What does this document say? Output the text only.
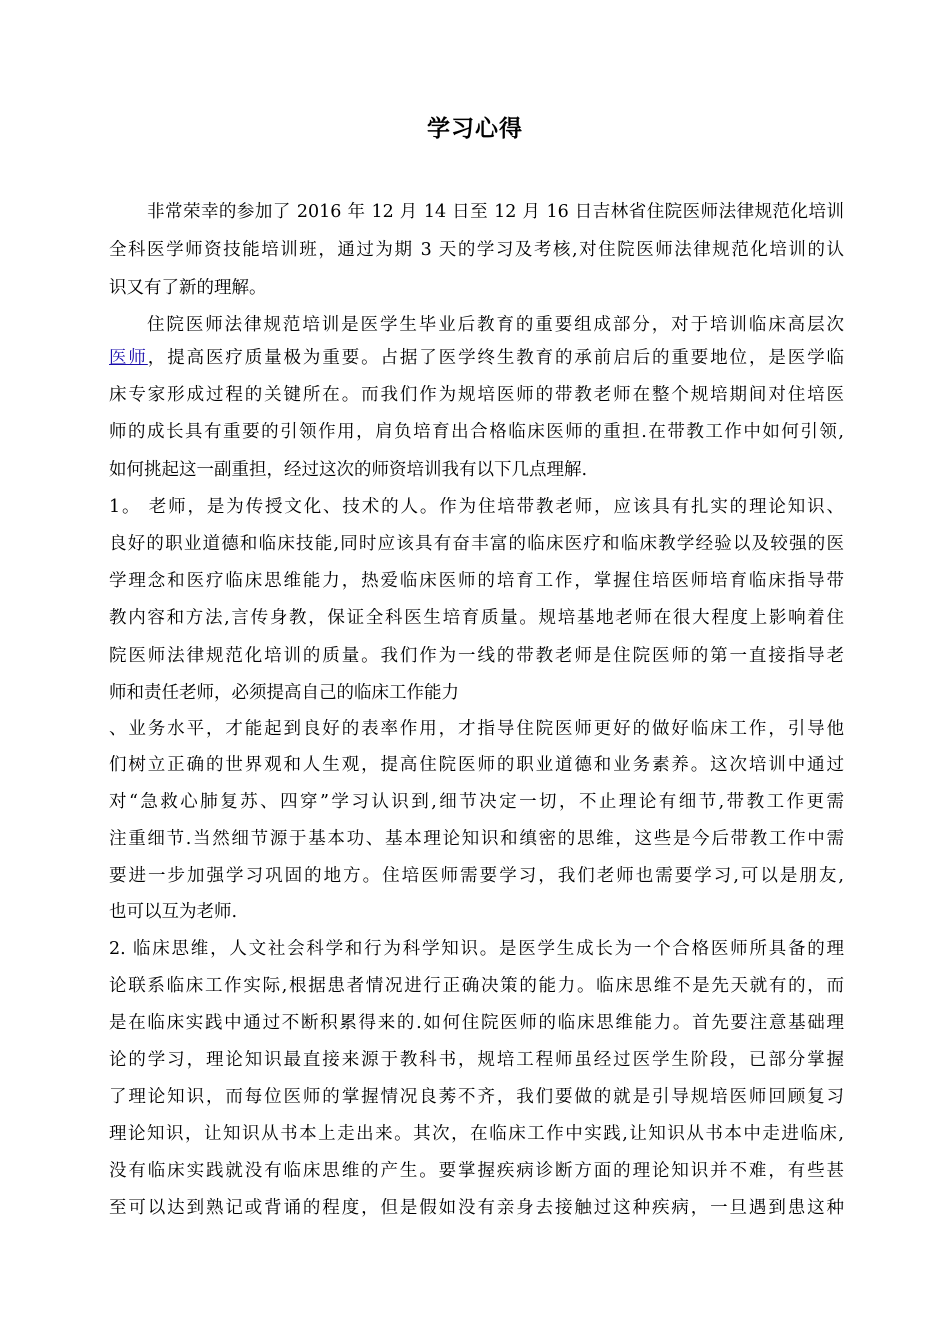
学习心得
非常荣幸的参加了 2016 年 12 月 14 日至 12 月 16 日吉林省住院医师法律规范化培训
全科医学师资技能培训班，通过为期 3 天的学习及考核,对住院医师法律规范化培训的认
识又有了新的理解。
住院医师法律规范培训是医学生毕业后教育的重要组成部分，对于培训临床高层次
医师，提高医疗质量极为重要。占据了医学终生教育的承前启后的重要地位，是医学临
床专家形成过程的关键所在。而我们作为规培医师的带教老师在整个规培期间对住培医
师的成长具有重要的引领作用，肩负培育出合格临床医师的重担.在带教工作中如何引领,
如何挑起这一副重担，经过这次的师资培训我有以下几点理解.
1。 老师，是为传授文化、技术的人。作为住培带教老师，应该具有扎实的理论知识、
良好的职业道德和临床技能,同时应该具有奋丰富的临床医疗和临床教学经验以及较强的医
学理念和医疗临床思维能力，热爱临床医师的培育工作，掌握住培医师培育临床指导带
教内容和方法,言传身教，保证全科医生培育质量。规培基地老师在很大程度上影响着住
院医师法律规范化培训的质量。我们作为一线的带教老师是住院医师的第一直接指导老
师和责任老师，必须提高自己的临床工作能力
、业务水平，才能起到良好的表率作用，才指导住院医师更好的做好临床工作，引导他
们树立正确的世界观和人生观，提高住院医师的职业道德和业务素养。这次培训中通过
对“急救心肺复苏、四穿”学习认识到,细节决定一切，不止理论有细节,带教工作更需
注重细节.当然细节源于基本功、基本理论知识和缜密的思维，这些是今后带教工作中需
要进一步加强学习巩固的地方。住培医师需要学习，我们老师也需要学习,可以是朋友,
也可以互为老师.
2. 临床思维，人文社会科学和行为科学知识。是医学生成长为一个合格医师所具备的理
论联系临床工作实际,根据患者情况进行正确决策的能力。临床思维不是先天就有的，而
是在临床实践中通过不断积累得来的.如何住院医师的临床思维能力。首先要注意基础理
论的学习，理论知识最直接来源于教科书，规培工程师虽经过医学生阶段，已部分掌握
了理论知识，而每位医师的掌握情况良莠不齐，我们要做的就是引导规培医师回顾复习
理论知识，让知识从书本上走出来。其次，在临床工作中实践,让知识从书本中走进临床,
没有临床实践就没有临床思维的产生。要掌握疾病诊断方面的理论知识并不难，有些甚
至可以达到熟记或背诵的程度，但是假如没有亲身去接触过这种疾病，一旦遇到患这种
